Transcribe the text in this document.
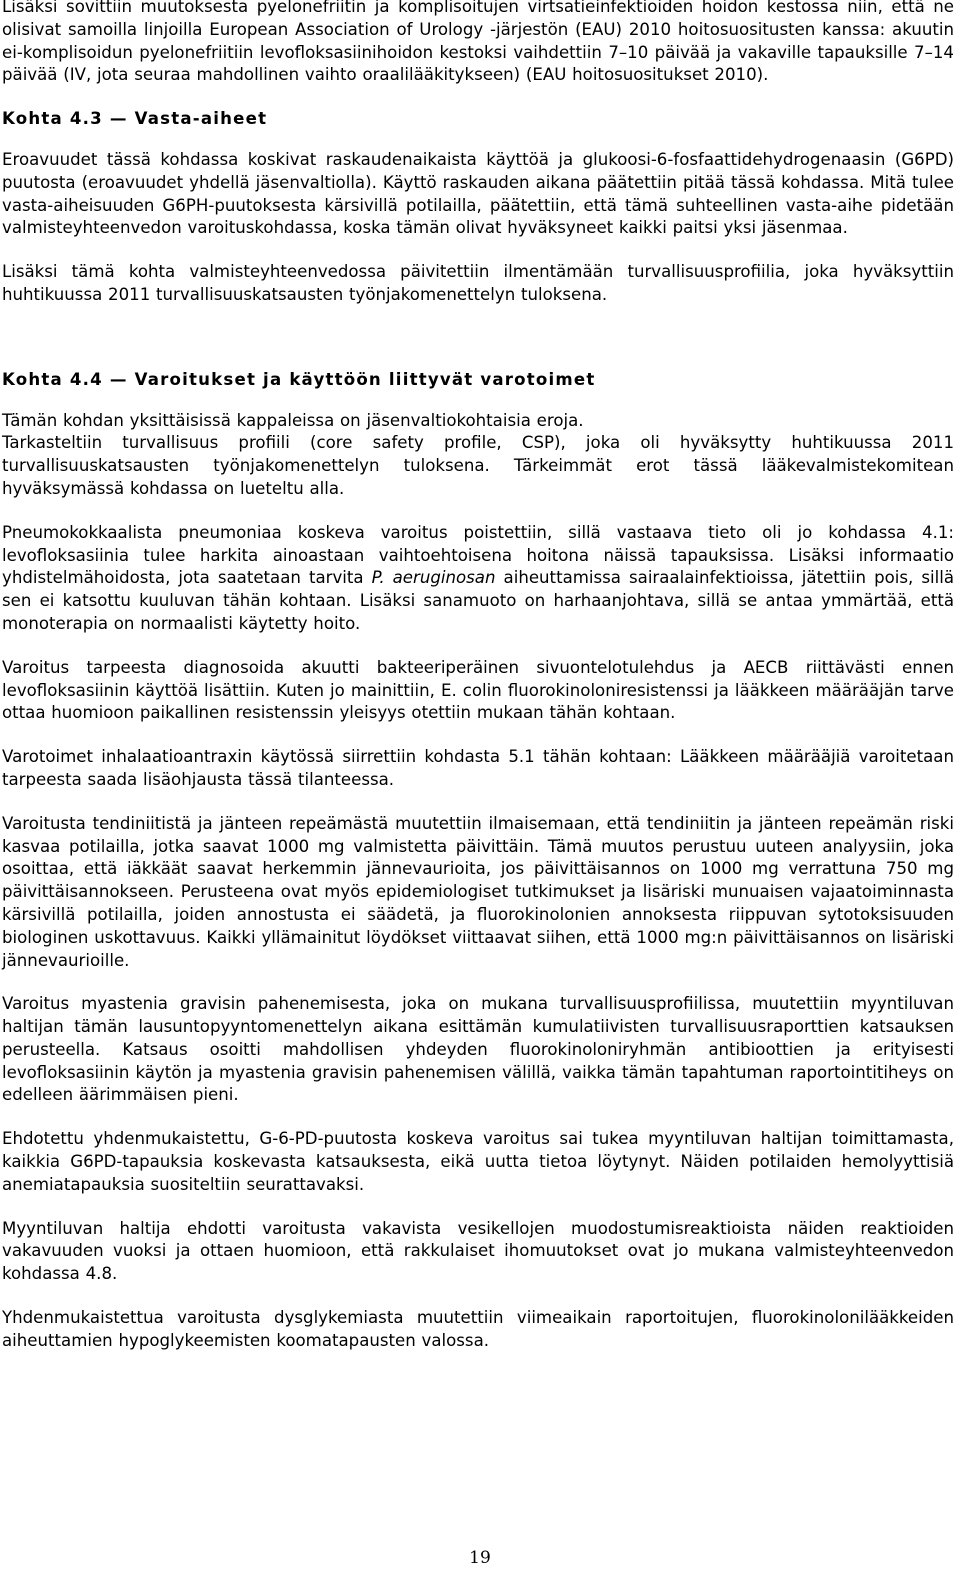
Lisäksi sovittiin muutoksesta pyelonefriitin ja komplisoitujen virtsatieinfektioiden hoidon kestossa niin, että ne olisivat samoilla linjoilla European Association of Urology -järjestön (EAU) 2010 hoitosuositusten kanssa: akuutin ei-komplisoidun pyelonefriitiin levofloksasiinihoidon kestoksi vaihdettiin 7–10 päivää ja vakaville tapauksille 7–14 päivää (IV, jota seuraa mahdollinen vaihto oraalilääkitykseen) (EAU hoitosuositukset 2010).

Kohta 4.3 — Vasta-aiheet

Eroavuudet tässä kohdassa koskivat raskaudenaikaista käyttöä ja glukoosi-6-fosfaattidehydrogenaasin (G6PD) puutosta (eroavuudet yhdellä jäsenvaltiolla). Käyttö raskauden aikana päätettiin pitää tässä kohdassa. Mitä tulee vasta-aiheisuuden G6PH-puutoksesta kärsivillä potilailla, päätettiin, että tämä suhteellinen vasta-aihe pidetään valmisteyhteenvedon varoituskohdassa, koska tämän olivat hyväksyneet kaikki paitsi yksi jäsenmaa.

Lisäksi tämä kohta valmisteyhteenvedossa päivitettiin ilmentämään turvallisuusprofiilia, joka hyväksyttiin huhtikuussa 2011 turvallisuuskatsausten työnjakomenettelyn tuloksena.

Kohta 4.4 — Varoitukset ja käyttöön liittyvät varotoimet

Tämän kohdan yksittäisissä kappaleissa on jäsenvaltiokohtaisia eroja.

Tarkasteltiin turvallisuus profiili (core safety profile, CSP), joka oli hyväksytty huhtikuussa 2011 turvallisuuskatsausten työnjakomenettelyn tuloksena. Tärkeimmät erot tässä lääkevalmistekomitean hyväksymässä kohdassa on lueteltu alla.

Pneumokokkaalista pneumoniaa koskeva varoitus poistettiin, sillä vastaava tieto oli jo kohdassa 4.1: levofloksasiinia tulee harkita ainoastaan vaihtoehtoisena hoitona näissä tapauksissa. Lisäksi informaatio yhdistelmähoidosta, jota saatetaan tarvita P. aeruginosan aiheuttamissa sairaalainfektioissa, jätettiin pois, sillä sen ei katsottu kuuluvan tähän kohtaan. Lisäksi sanamuoto on harhaanjohtava, sillä se antaa ymmärtää, että monoterapia on normaalisti käytetty hoito.

Varoitus tarpeesta diagnosoida akuutti bakteeriperäinen sivuontelotulehdus ja AECB riittävästi ennen levofloksasiinin käyttöä lisättiin. Kuten jo mainittiin, E. colin fluorokinoloniresistenssi ja lääkkeen määrääjän tarve ottaa huomioon paikallinen resistenssin yleisyys otettiin mukaan tähän kohtaan.

Varotoimet inhalaatioantraxin käytössä siirrettiin kohdasta 5.1 tähän kohtaan: Lääkkeen määrääjiä varoitetaan tarpeesta saada lisäohjausta tässä tilanteessa.

Varoitusta tendiniitistä ja jänteen repeämästä muutettiin ilmaisemaan, että tendiniitin ja jänteen repeämän riski kasvaa potilailla, jotka saavat 1000 mg valmistetta päivittäin. Tämä muutos perustuu uuteen analyysiin, joka osoittaa, että iäkkäät saavat herkemmin jännevaurioita, jos päivittäisannos on 1000 mg verrattuna 750 mg päivittäisannokseen. Perusteena ovat myös epidemiologiset tutkimukset ja lisäriski munuaisen vajaatoiminnasta kärsivillä potilailla, joiden annostusta ei säädetä, ja fluorokinolonien annoksesta riippuvan sytotoksisuuden biologinen uskottavuus. Kaikki yllämainitut löydökset viittaavat siihen, että 1000 mg:n päivittäisannos on lisäriski jännevaurioille.

Varoitus myastenia gravisin pahenemisesta, joka on mukana turvallisuusprofiilissa, muutettiin myyntiluvan haltijan tämän lausuntopyyntomenettelyn aikana esittämän kumulatiivisten turvallisuusraporttien katsauksen perusteella. Katsaus osoitti mahdollisen yhdeyden fluorokinoloniryhmän antibioottien ja erityisesti levofloksasiinin käytön ja myastenia gravisin pahenemisen välillä, vaikka tämän tapahtuman raportointitiheys on edelleen äärimmäisen pieni.

Ehdotettu yhdenmukaistettu, G-6-PD-puutosta koskeva varoitus sai tukea myyntiluvan haltijan toimittamasta, kaikkia G6PD-tapauksia koskevasta katsauksesta, eikä uutta tietoa löytynyt. Näiden potilaiden hemolyyttisiä anemiatapauksia suositeltiin seurattavaksi.

Myyntiluvan haltija ehdotti varoitusta vakavista vesikellojen muodostumisreaktioista näiden reaktioiden vakavuuden vuoksi ja ottaen huomioon, että rakkulaiset ihomuutokset ovat jo mukana valmisteyhteenvedon kohdassa 4.8.

Yhdenmukaistettua varoitusta dysglykemiasta muutettiin viimeaikain raportoitujen, fluorokinolonilääkkeiden aiheuttamien hypoglykeemisten koomatapausten valossa.

19
